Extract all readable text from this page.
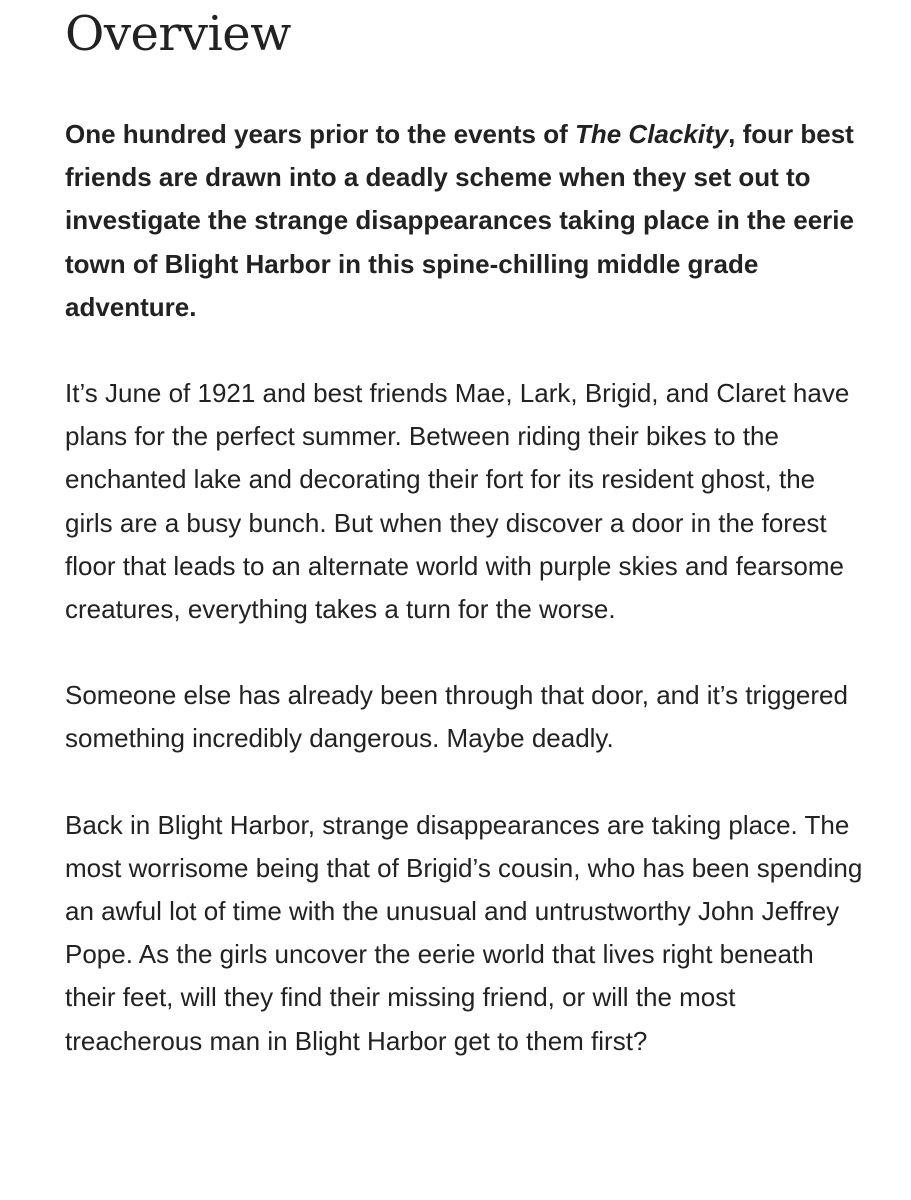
Overview

One hundred years prior to the events of The Clackity, four best friends are drawn into a deadly scheme when they set out to investigate the strange disappearances taking place in the eerie town of Blight Harbor in this spine-chilling middle grade adventure.

It’s June of 1921 and best friends Mae, Lark, Brigid, and Claret have plans for the perfect summer. Between riding their bikes to the enchanted lake and decorating their fort for its resident ghost, the girls are a busy bunch. But when they discover a door in the forest floor that leads to an alternate world with purple skies and fearsome creatures, everything takes a turn for the worse.

Someone else has already been through that door, and it’s triggered something incredibly dangerous. Maybe deadly.

Back in Blight Harbor, strange disappearances are taking place. The most worrisome being that of Brigid’s cousin, who has been spending an awful lot of time with the unusual and untrustworthy John Jeffrey Pope. As the girls uncover the eerie world that lives right beneath their feet, will they find their missing friend, or will the most treacherous man in Blight Harbor get to them first?
